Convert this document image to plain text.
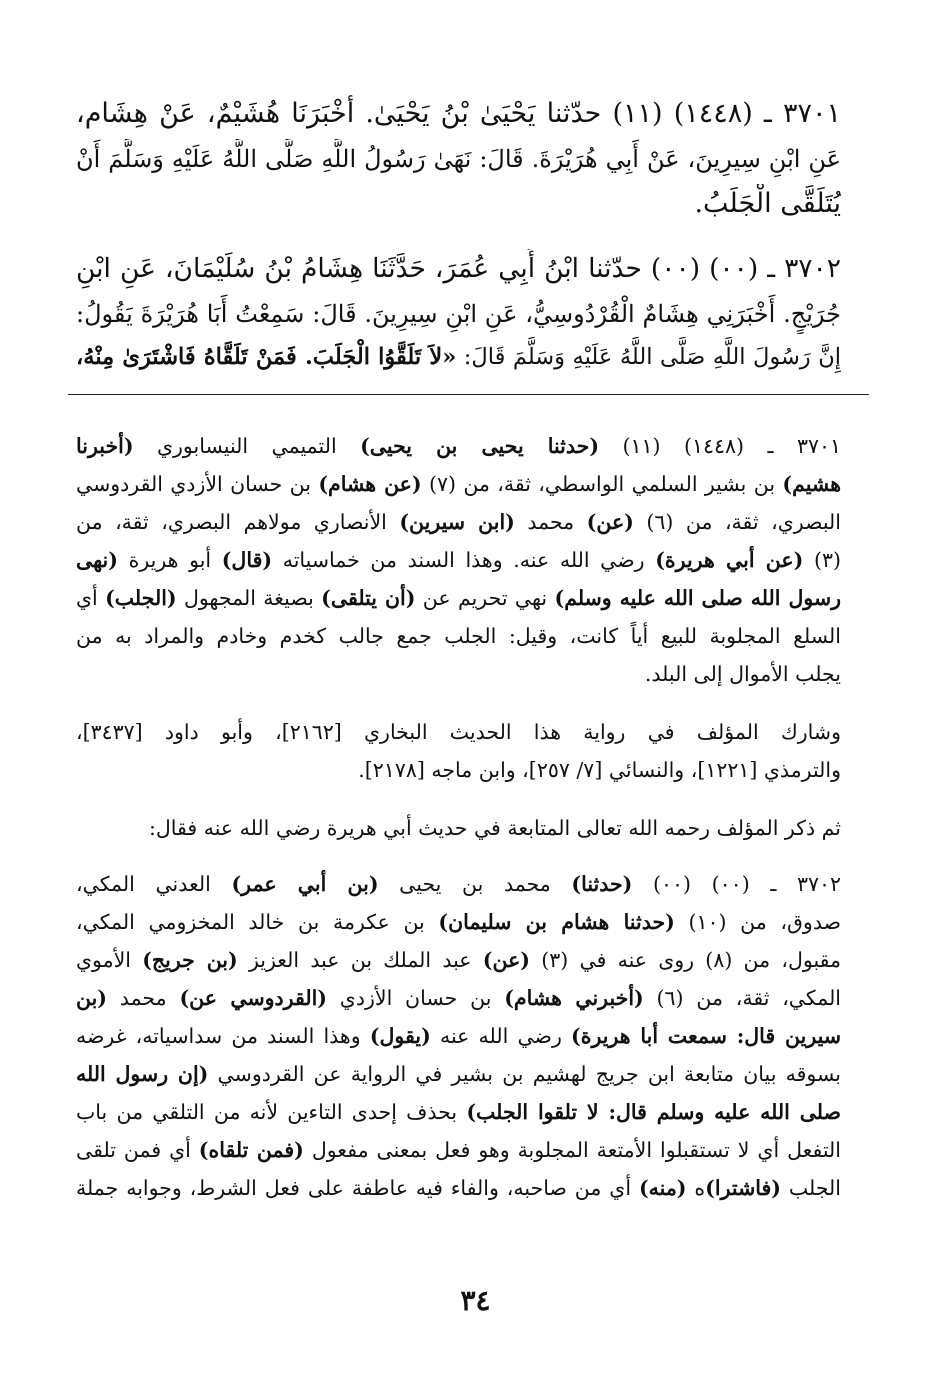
٣٧٠١ ـ (١٤٤٨) (١١) حدّثنا يَحْيَىٰ بْنُ يَحْيَىٰ. أَخْبَرَنَا هُشَيْمٌ، عَنْ هِشَام،
عَنِ ابْنِ سِيرِينَ، عَنْ أَبِي هُرَيْرَةَ. قَالَ: نَهَىٰ رَسُولُ اللَّهِ صَلَّى اللَّهُ عَلَيْهِ وَسَلَّمَ أَنْ
يُتَلَقَّى الْجَلَبُ.
٣٧٠٢ ـ (٠٠) (٠٠) حدّثنا ابْنُ أَبِي عُمَرَ، حَدَّثَنَا هِشَامُ بْنُ سُلَيْمَانَ، عَنِ ابْنِ
جُرَيْجٍ. أَخْبَرَنِي هِشَامٌ الْقُرْدُوسِيُّ، عَنِ ابْنِ سِيرِينَ. قَالَ: سَمِعْتُ أَبَا هُرَيْرَةَ يَقُولُ:
إِنَّ رَسُولَ اللَّهِ صَلَّى اللَّهُ عَلَيْهِ وَسَلَّمَ قَالَ: «لاَ تَلَقَّوُا الْجَلَبَ. فَمَنْ تَلَقَّاهُ فَاشْتَرَىٰ مِنْهُ،
٣٧٠١ ـ (١٤٤٨) (١١) (حدثنا يحيى بن يحيى) التميمي النيسابوري (أخبرنا
هشيم) بن بشير السلمي الواسطي، ثقة، من (٧) (عن هشام) بن حسان الأزدي القردوسي
البصري، ثقة، من (٦) (عن) محمد (ابن سيرين) الأنصاري مولاهم البصري، ثقة، من
(٣) (عن أبي هريرة) رضي الله عنه. وهذا السند من خماسياته (قال) أبو هريرة (نهى
رسول الله صلى الله عليه وسلم) نهي تحريم عن (أن يتلقى) بصيغة المجهول (الجلب) أي
السلع المجلوبة للبيع أياً كانت، وقيل: الجلب جمع جالب كخدم وخادم والمراد به من
يجلب الأموال إلى البلد.
وشارك المؤلف في رواية هذا الحديث البخاري [٢١٦٢]، وأبو داود [٣٤٣٧]،
والترمذي [١٢٢١]، والنسائي [٧/ ٢٥٧]، وابن ماجه [٢١٧٨].
ثم ذكر المؤلف رحمه الله تعالى المتابعة في حديث أبي هريرة رضي الله عنه فقال:
٣٧٠٢ ـ (٠٠) (٠٠) (حدثنا) محمد بن يحيى (بن أبي عمر) العدني المكي،
صدوق، من (١٠) (حدثنا هشام بن سليمان) بن عكرمة بن خالد المخزومي المكي،
مقبول، من (٨) روى عنه في (٣) (عن) عبد الملك بن عبد العزيز (بن جريج) الأموي
المكي، ثقة، من (٦) (أخبرني هشام) بن حسان الأزدي (القردوسي عن) محمد (بن
سيرين قال: سمعت أبا هريرة) رضي الله عنه (يقول) وهذا السند من سداسياته، غرضه
بسوقه بيان متابعة ابن جريج لهشيم بن بشير في الرواية عن القردوسي (إن رسول الله
صلى الله عليه وسلم قال: لا تلقوا الجلب) بحذف إحدى التاءين لأنه من التلقي من باب
التفعل أي لا تستقبلوا الأمتعة المجلوبة وهو فعل بمعنى مفعول (فمن تلقاه) أي فمن تلقى
الجلب (فاشترا)ه (منه) أي من صاحبه، والفاء فيه عاطفة على فعل الشرط، وجوابه جملة
٣٤
